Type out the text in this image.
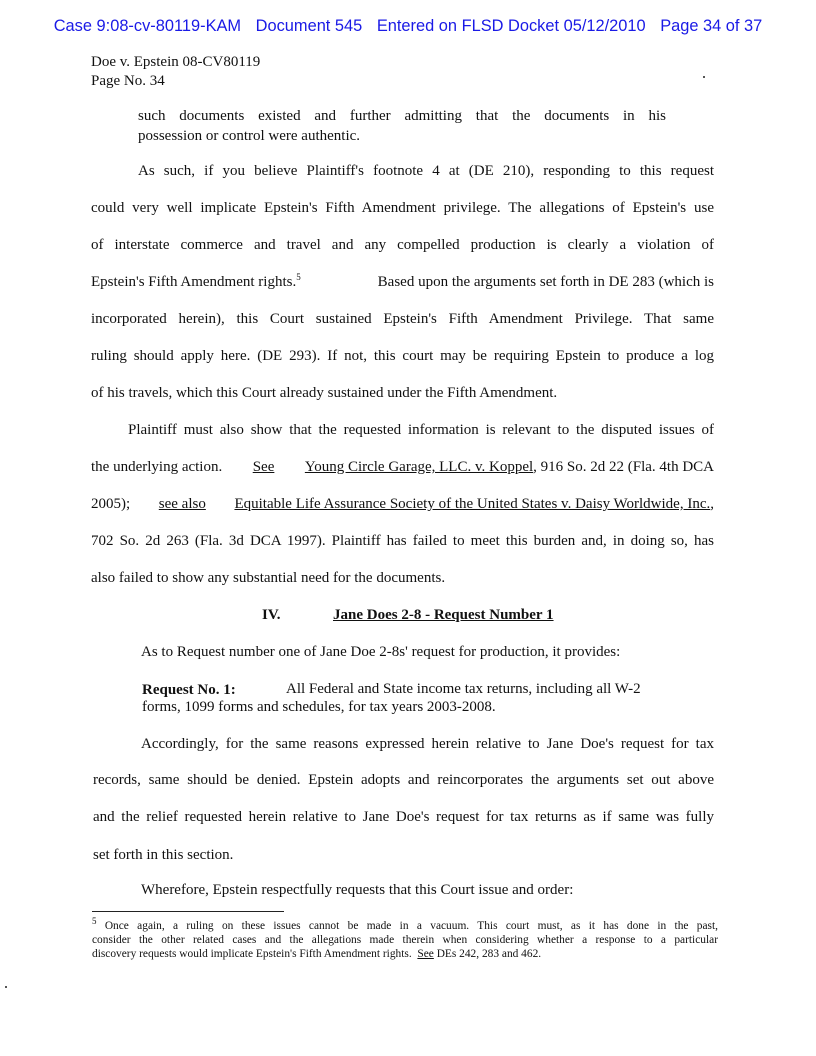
Case 9:08-cv-80119-KAM Document 545 Entered on FLSD Docket 05/12/2010 Page 34 of 37
Doe v. Epstein 08-CV80119
Page No. 34
such documents existed and further admitting that the documents in his
possession or control were authentic.
As such, if you believe Plaintiff's footnote 4 at (DE 210), responding to this request
could very well implicate Epstein's Fifth Amendment privilege. The allegations of Epstein's use
of interstate commerce and travel and any compelled production is clearly a violation of
Epstein's Fifth Amendment rights.$^5$	Based upon the arguments set forth in DE 283 (which is
incorporated herein), this Court sustained Epstein's Fifth Amendment Privilege. That same
ruling should apply here. (DE 293). If not, this court may be requiring Epstein to produce a log
of his travels, which this Court already sustained under the Fifth Amendment.
Plaintiff must also show that the requested information is relevant to the disputed issues of
the underlying action. See Young Circle Garage, LLC. v. Koppel, 916 So. 2d 22 (Fla. 4th DCA
2005); see also Equitable Life Assurance Society of the United States v. Daisy Worldwide, Inc.,
702 So. 2d 263 (Fla. 3d DCA 1997). Plaintiff has failed to meet this burden and, in doing so, has
also failed to show any substantial need for the documents.
IV.	Jane Does 2-8 - Request Number 1
As to Request number one of Jane Doe 2-8s' request for production, it provides:
Request No. 1:	All Federal and State income tax returns, including all W-2
forms, 1099 forms and schedules, for tax years 2003-2008.
Accordingly, for the same reasons expressed herein relative to Jane Doe's request for tax
records, same should be denied. Epstein adopts and reincorporates the arguments set out above
and the relief requested herein relative to Jane Doe's request for tax returns as if same was fully
set forth in this section.
Wherefore, Epstein respectfully requests that this Court issue and order:
$^5$ Once again, a ruling on these issues cannot be made in a vacuum. This court must, as it has done in the past,
consider the other related cases and the allegations made therein when considering whether a response to a particular
discovery requests would implicate Epstein's Fifth Amendment rights. See DEs 242, 283 and 462.
